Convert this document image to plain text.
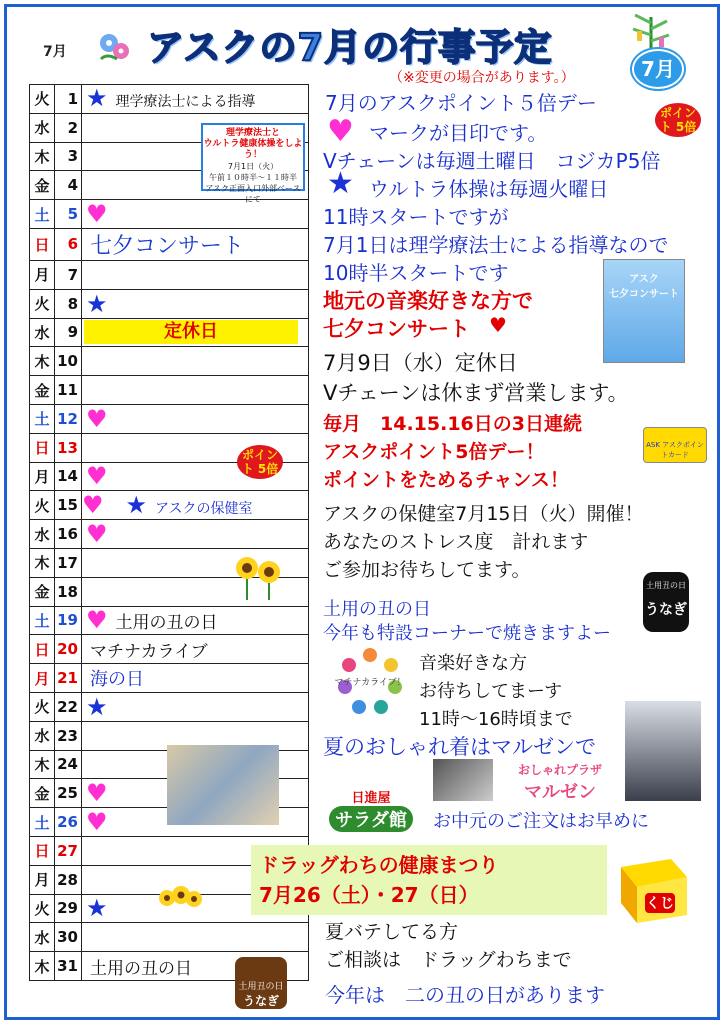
7月 アスクの7月の行事予定
（※変更の場合があります。）	7月
火	1	★ 理学療法士による指導
水	2	
木	3	
金	4	
土	5	♥
日	6	七夕コンサート
月	7	
火	8	★
水	9	定休日
木	10	
金	11	
土	12	♥
日	13	
月	14	♥
火	15	♥ ★ アスクの保健室
水	16	♥
木	17	
金	18	
土	19	♥ 土用の丑の日
日	20	マチナカライブ
月	21	海の日
火	22	★
水	23	
木	24	
金	25	♥
土	26	♥
日	27	
月	28	
火	29	★
水	30	
木	31	土用の丑の日
理学療法士と
ウルトラ健康体操をしよう！
7月1日（火）
午前１０時半～１１時半
アスク正面入口外部ベースにて
ポイント 5倍
土用丑の日
うなぎ
7月のアスクポイント５倍デー	ポイント 5倍
♥ マークが目印です。
Vチェーンは毎週土曜日　コジカP5倍
★ ウルトラ体操は毎週火曜日
11時スタートですが
7月1日は理学療法士による指導なので
10時半スタートです	アスク
七夕コンサート
地元の音楽好きな方で
七夕コンサート ♥
7月9日（水）定休日
Vチェーンは休まず営業します。
毎月　14.15.16日の3日連続
アスクポイント5倍デー！	ASK アスクポイントカード
ポイントをためるチャンス！
アスクの保健室7月15日（火）開催！
あなたのストレス度　計れます
ご参加お待ちしてます。
土用丑の日
うなぎ
土用の丑の日
今年も特設コーナーで焼きますよー
マチナカライブ！
音楽好きな方
お待ちしてまーす
11時～16時頃まで
夏のおしゃれ着はマルゼンで
おしゃれプラザ
マルゼン
日進屋
サラダ館	お中元のご注文はお早めに
ドラッグわちの健康まつり
7月26（土）・27（日）	くじ
夏バテしてる方
ご相談は　ドラッグわちまで
今年は　二の丑の日があります
